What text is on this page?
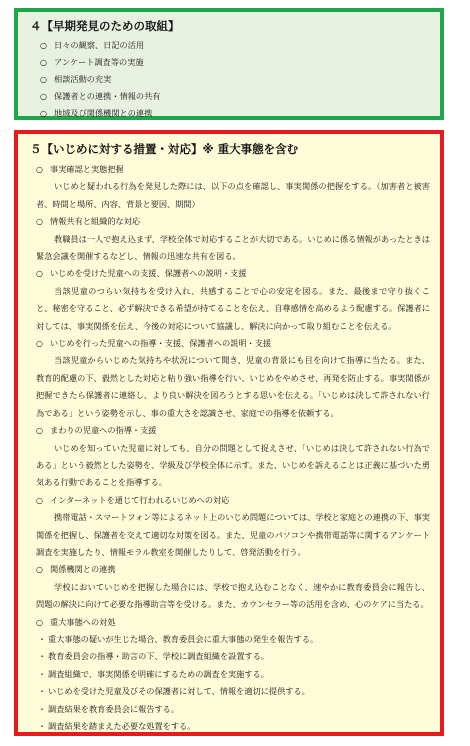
４【早期発見のための取組】
○ 日々の観察、日記の活用
○ アンケート調査等の実施
○ 相談活動の充実
○ 保護者との連携・情報の共有
○ 地域及び関係機関との連携
５【いじめに対する措置・対応】※ 重大事態を含む
○ 事実確認と実態把握
いじめと疑われる行為を発見した際には、以下の点を確認し、事実関係の把握をする。（加害者と被害者、時間と場所、内容、背景と要因、期間）
○ 情報共有と組織的な対応
教職員は一人で抱え込まず、学校全体で対応することが大切である。いじめに係る情報があったときは緊急会議を開催するなどし、情報の迅速な共有を図る。
○ いじめを受けた児童への支援、保護者への説明・支援
当該児童のつらい気持ちを受け入れ、共感することで心の安定を図る。また、最後まで守り抜くこと、秘密を守ること、必ず解決できる希望が持てることを伝え、自尊感情を高めるよう配慮する。保護者に対しては、事実関係を伝え、今後の対応について協議し、解決に向かって取り組むことを伝える。
○ いじめを行った児童への指導・支援、保護者への説明・支援
当該児童からいじめた気持ちや状況について聞き、児童の背景にも目を向けて指導に当たる。また、教育的配慮の下、毅然とした対応と粘り強い指導を行い、いじめをやめさせ、再発を防止する。事実関係が把握できたら保護者に連絡し、より良い解決を図ろうとする思いを伝える。「いじめは決して許されない行為である」という姿勢を示し、事の重大さを認識させ、家庭での指導を依頼する。
○ まわりの児童への指導・支援
いじめを知っていた児童に対しても、自分の問題として捉えさせ、「いじめは決して許されない行為である」という毅然とした姿勢を、学級及び学校全体に示す。また、いじめを訴えることは正義に基づいた勇気ある行動であることを指導する。
○ インターネットを通じて行われるいじめへの対応
携帯電話・スマートフォン等によるネット上のいじめ問題については、学校と家庭との連携の下、事実関係を把握し、保護者を交えて適切な対策を図る。また、児童のパソコンや携帯電話等に関するアンケート調査を実施したり、情報モラル教室を開催したりして、啓発活動を行う。
○ 関係機関との連携
学校においていじめを把握した場合には、学校で抱え込むことなく、速やかに教育委員会に報告し、問題の解決に向けて必要な指導助言等を受ける。また、カウンセラー等の活用を含め、心のケアに当たる。
○ 重大事態への対処
・ 重大事態の疑いが生じた場合、教育委員会に重大事態の発生を報告する。
・ 教育委員会の指導・助言の下、学校に調査組織を設置する。
・ 調査組織で、事実関係を明確にするための調査を実施する。
・ いじめを受けた児童及びその保護者に対して、情報を適切に提供する。
・ 調査結果を教育委員会に報告する。
・ 調査結果を踏まえた必要な処置をする。
